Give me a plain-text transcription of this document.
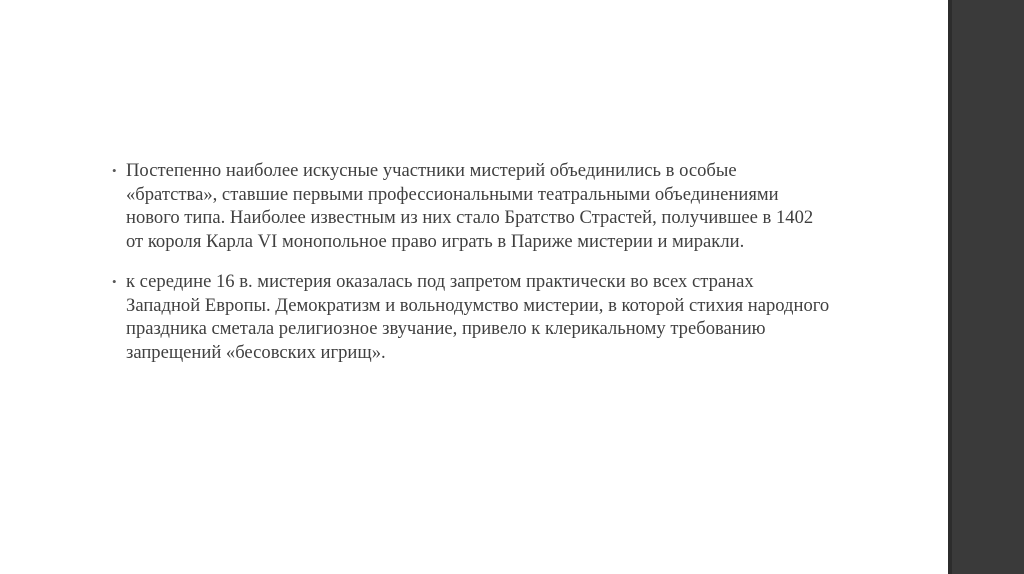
• Постепенно наиболее искусные участники мистерий объединились в особые «братства», ставшие первыми профессиональными театральными объединениями нового типа. Наиболее известным из них стало Братство Страстей, получившее в 1402 от короля Карла VI монопольное право играть в Париже мистерии и миракли.
• к середине 16 в. мистерия оказалась под запретом практически во всех странах Западной Европы. Демократизм и вольнодумство мистерии, в которой стихия народного праздника сметала религиозное звучание, привело к клерикальному требованию запрещений «бесовских игрищ».
